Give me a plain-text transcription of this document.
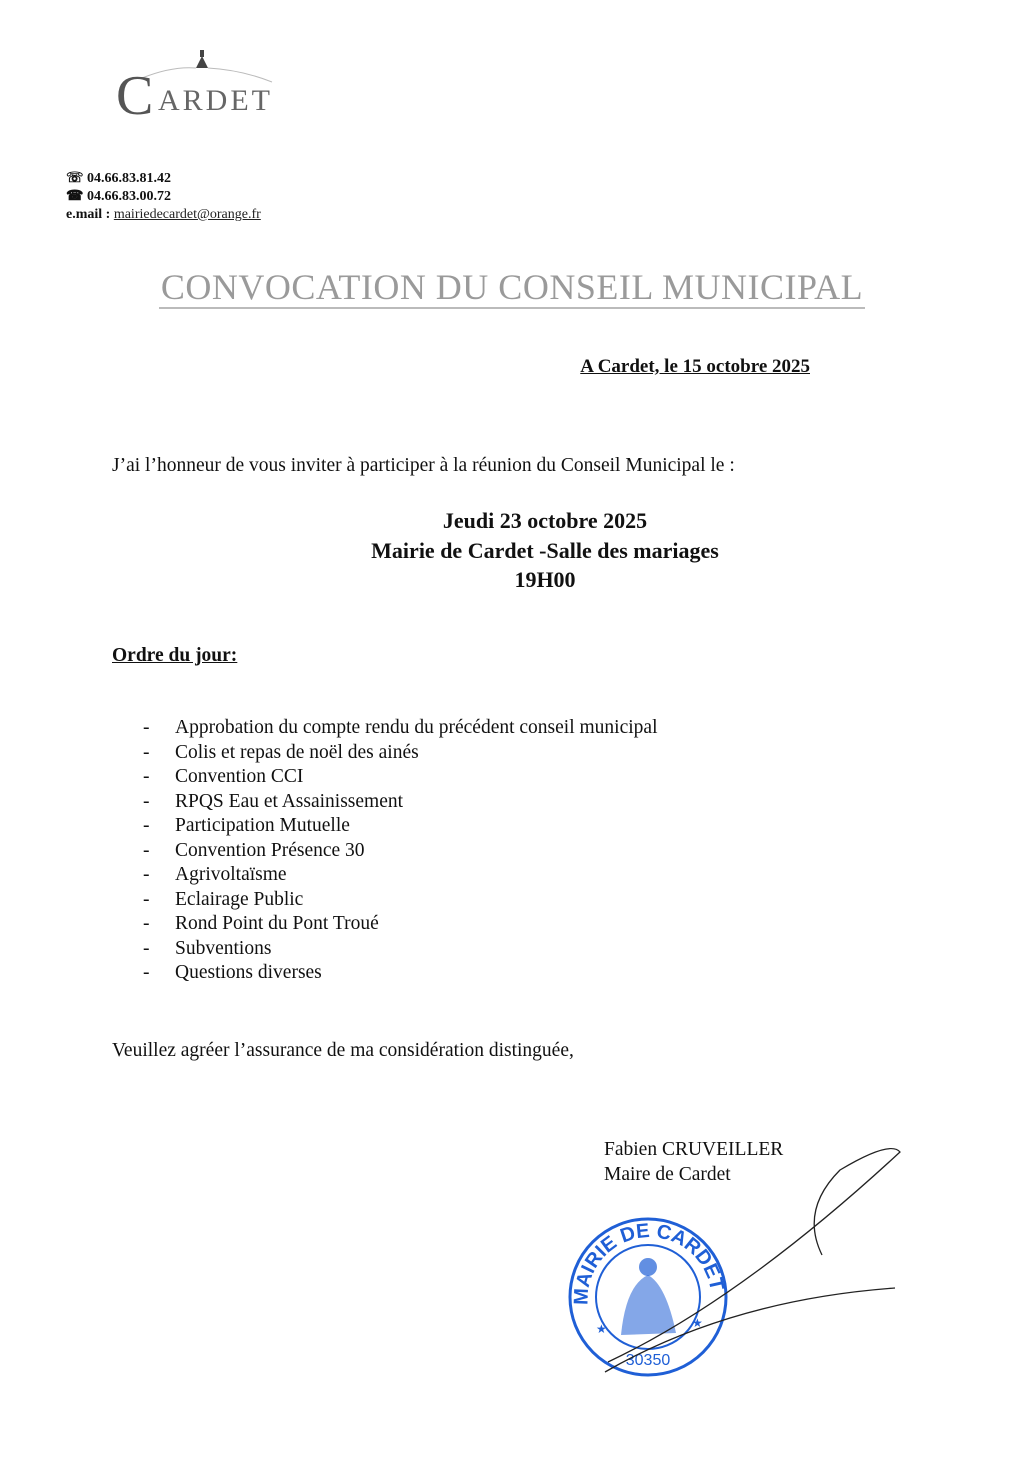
C ARDET
☏ 04.66.83.81.42
☎ 04.66.83.00.72
e.mail : mairiedecardet@orange.fr
CONVOCATION DU CONSEIL MUNICIPAL
A Cardet, le 15 octobre 2025
J’ai l’honneur de vous inviter à participer à la réunion du Conseil Municipal le :
Jeudi 23 octobre 2025
Mairie de Cardet -Salle des mariages
19H00
Ordre du jour:
-	Approbation du compte rendu du précédent conseil municipal
-	Colis et repas de noël des ainés
-	Convention CCI
-	RPQS Eau et Assainissement
-	Participation Mutuelle
-	Convention Présence 30
-	Agrivoltaïsme
-	Eclairage Public
-	Rond Point du Pont Troué
-	Subventions
-	Questions diverses
Veuillez agréer l’assurance de ma considération distinguée,
Fabien CRUVEILLER
Maire de Cardet
MAIRIE DE CARDET
★	★
30350
